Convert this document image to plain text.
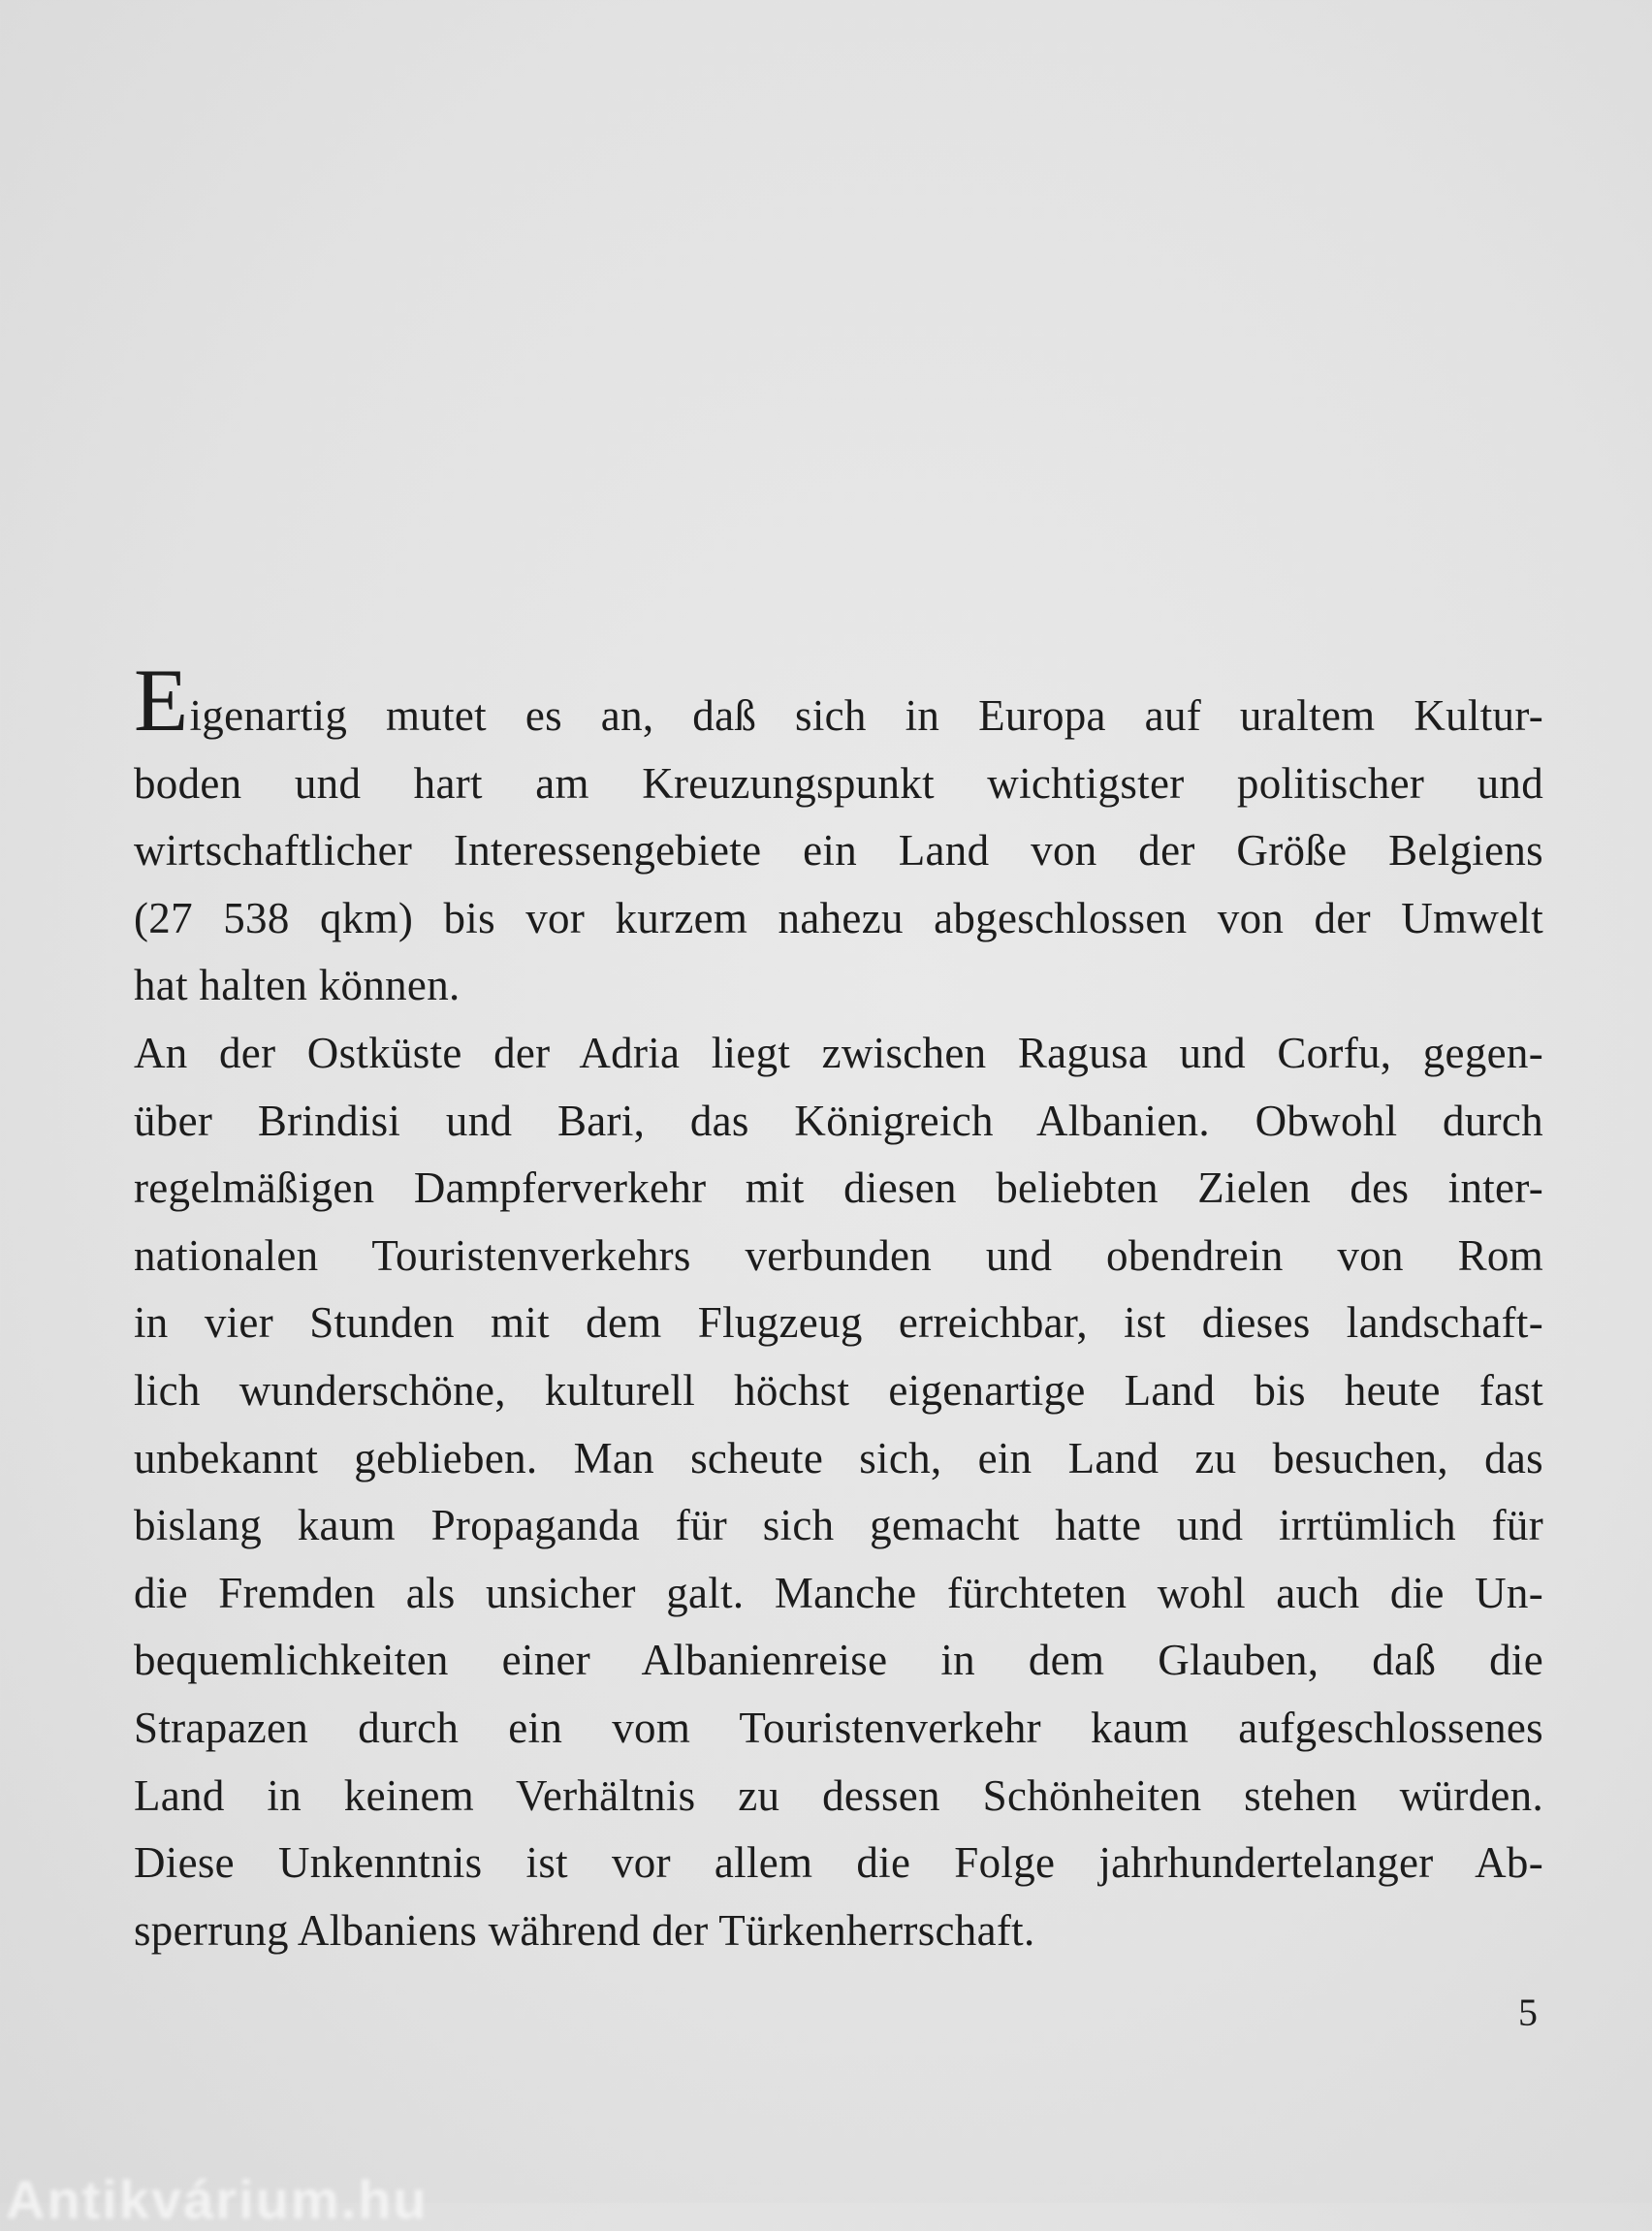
Eigenartig mutet es an, daß sich in Europa auf uraltem Kultur-
boden und hart am Kreuzungspunkt wichtigster politischer und
wirtschaftlicher Interessengebiete ein Land von der Größe Belgiens
(27 538 qkm) bis vor kurzem nahezu abgeschlossen von der Umwelt
hat halten können.
An der Ostküste der Adria liegt zwischen Ragusa und Corfu, gegen-
über Brindisi und Bari, das Königreich Albanien. Obwohl durch
regelmäßigen Dampferverkehr mit diesen beliebten Zielen des inter-
nationalen Touristenverkehrs verbunden und obendrein von Rom
in vier Stunden mit dem Flugzeug erreichbar, ist dieses landschaft-
lich wunderschöne, kulturell höchst eigenartige Land bis heute fast
unbekannt geblieben. Man scheute sich, ein Land zu besuchen, das
bislang kaum Propaganda für sich gemacht hatte und irrtümlich für
die Fremden als unsicher galt. Manche fürchteten wohl auch die Un-
bequemlichkeiten einer Albanienreise in dem Glauben, daß die
Strapazen durch ein vom Touristenverkehr kaum aufgeschlossenes
Land in keinem Verhältnis zu dessen Schönheiten stehen würden.
Diese Unkenntnis ist vor allem die Folge jahrhundertelanger Ab-
sperrung Albaniens während der Türkenherrschaft.
5
Antikvárium.hu
